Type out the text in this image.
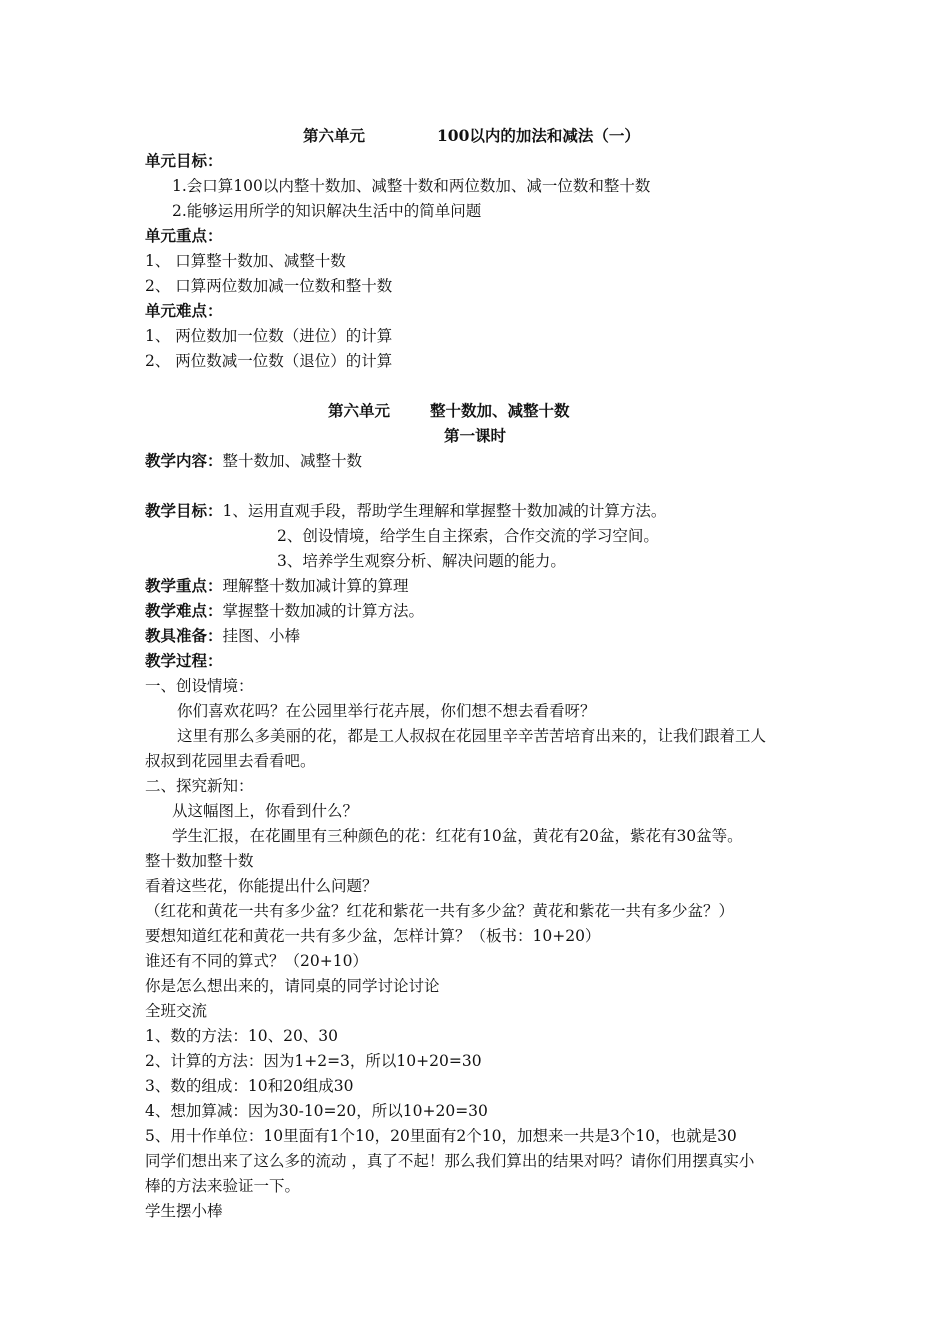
第六单元	100以内的加法和减法（一）
单元目标：
1.会口算100以内整十数加、减整十数和两位数加、减一位数和整十数
2.能够运用所学的知识解决生活中的简单问题
单元重点：
1、 口算整十数加、减整十数
2、 口算两位数加减一位数和整十数
单元难点：
1、 两位数加一位数（进位）的计算
2、 两位数减一位数（退位）的计算
第六单元	整十数加、减整十数
第一课时
教学内容：整十数加、减整十数
教学目标：1、运用直观手段，帮助学生理解和掌握整十数加减的计算方法。
2、创设情境，给学生自主探索，合作交流的学习空间。
3、培养学生观察分析、解决问题的能力。
教学重点：理解整十数加减计算的算理
教学难点：掌握整十数加减的计算方法。
教具准备：挂图、小棒
教学过程：
一、创设情境：
你们喜欢花吗？在公园里举行花卉展，你们想不想去看看呀？
这里有那么多美丽的花，都是工人叔叔在花园里辛辛苦苦培育出来的，让我们跟着工人
叔叔到花园里去看看吧。
二、探究新知：
从这幅图上，你看到什么？
学生汇报，在花圃里有三种颜色的花：红花有10盆，黄花有20盆，紫花有30盆等。
整十数加整十数
看着这些花，你能提出什么问题？
（红花和黄花一共有多少盆？红花和紫花一共有多少盆？黄花和紫花一共有多少盆？）
要想知道红花和黄花一共有多少盆，怎样计算？（板书：10+20）
谁还有不同的算式？（20+10）
你是怎么想出来的，请同桌的同学讨论讨论
全班交流
1、数的方法：10、20、30
2、计算的方法：因为1+2=3，所以10+20=30
3、数的组成：10和20组成30
4、想加算减：因为30-10=20，所以10+20=30
5、用十作单位：10里面有1个10，20里面有2个10，加想来一共是3个10，也就是30
同学们想出来了这么多的流动 ，真了不起！那么我们算出的结果对吗？请你们用摆真实小
棒的方法来验证一下。
学生摆小棒
